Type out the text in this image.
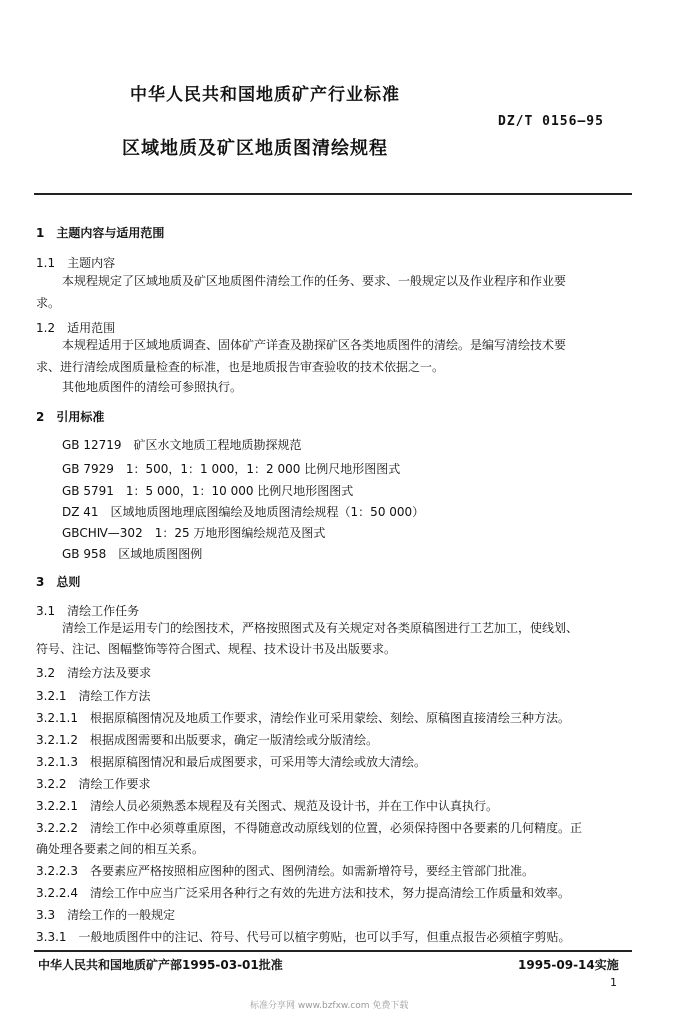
中华人民共和国地质矿产行业标准
DZ/T 0156—95
区域地质及矿区地质图清绘规程
1　主题内容与适用范围
1.1　主题内容
本规程规定了区域地质及矿区地质图件清绘工作的任务、要求、一般规定以及作业程序和作业要
求。
1.2　适用范围
本规程适用于区域地质调查、固体矿产详查及勘探矿区各类地质图件的清绘。是编写清绘技术要
求、进行清绘成图质量检查的标准，也是地质报告审查验收的技术依据之一。
其他地质图件的清绘可参照执行。
2　引用标准
GB 12719　矿区水文地质工程地质勘探规范
GB 7929　1：500，1：1 000，1：2 000 比例尺地形图图式
GB 5791　1：5 000，1：10 000 比例尺地形图图式
DZ 41　区域地质图地理底图编绘及地质图清绘规程（1：50 000）
GBCHⅣ—302　1：25 万地形图编绘规范及图式
GB 958　区域地质图图例
3　总则
3.1　清绘工作任务
清绘工作是运用专门的绘图技术，严格按照图式及有关规定对各类原稿图进行工艺加工，使线划、
符号、注记、图幅整饰等符合图式、规程、技术设计书及出版要求。
3.2　清绘方法及要求
3.2.1　清绘工作方法
3.2.1.1　根据原稿图情况及地质工作要求，清绘作业可采用蒙绘、刻绘、原稿图直接清绘三种方法。
3.2.1.2　根据成图需要和出版要求，确定一版清绘或分版清绘。
3.2.1.3　根据原稿图情况和最后成图要求，可采用等大清绘或放大清绘。
3.2.2　清绘工作要求
3.2.2.1　清绘人员必须熟悉本规程及有关图式、规范及设计书，并在工作中认真执行。
3.2.2.2　清绘工作中必须尊重原图，不得随意改动原线划的位置，必须保持图中各要素的几何精度。正
确处理各要素之间的相互关系。
3.2.2.3　各要素应严格按照相应图种的图式、图例清绘。如需新增符号，要经主管部门批准。
3.2.2.4　清绘工作中应当广泛采用各种行之有效的先进方法和技术，努力提高清绘工作质量和效率。
3.3　清绘工作的一般规定
3.3.1　一般地质图件中的注记、符号、代号可以植字剪贴，也可以手写，但重点报告必须植字剪贴。
中华人民共和国地质矿产部1995-03-01批准	1995-09-14实施
1
标准分享网 www.bzfxw.com 免费下载
